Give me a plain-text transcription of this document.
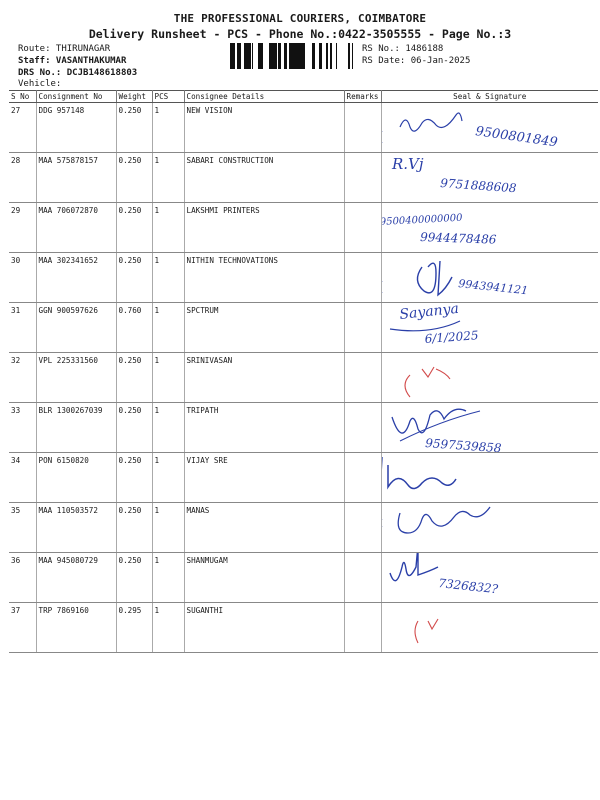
THE PROFESSIONAL COURIERS, COIMBATORE
Delivery Runsheet - PCS - Phone No.:0422-3505555 - Page No.:3
Route: THIRUNAGAR
Staff: VASANTHAKUMAR
DRS No.: DCJB148618803
Vehicle:
RS No.: 1486188
RS Date: 06-Jan-2025
S No	Consignment No	Weight	PCS	Consignee Details	Remarks	Seal & Signature
27	DDG 957148	0.250	1	NEW VISION		9500801849

28	MAA 575878157	0.250	1	SABARI CONSTRUCTION		R.Vj
9751888608

29	MAA 706072870	0.250	1	LAKSHMI PRINTERS		9500400000000
9944478486

30	MAA 302341652	0.250	1	NITHIN TECHNOVATIONS		9943941121

31	GGN 900597626	0.760	1	SPCTRUM		Sayanya
6/1/2025

32	VPL 225331560	0.250	1	SRINIVASAN		

33	BLR 1300267039	0.250	1	TRIPATH		9597539858

34	PON 6150820	0.250	1	VIJAY SRE		

35	MAA 110503572	0.250	1	MANAS		

36	MAA 945080729	0.250	1	SHANMUGAM		7326832?

37	TRP 7869160	0.295	1	SUGANTHI		
